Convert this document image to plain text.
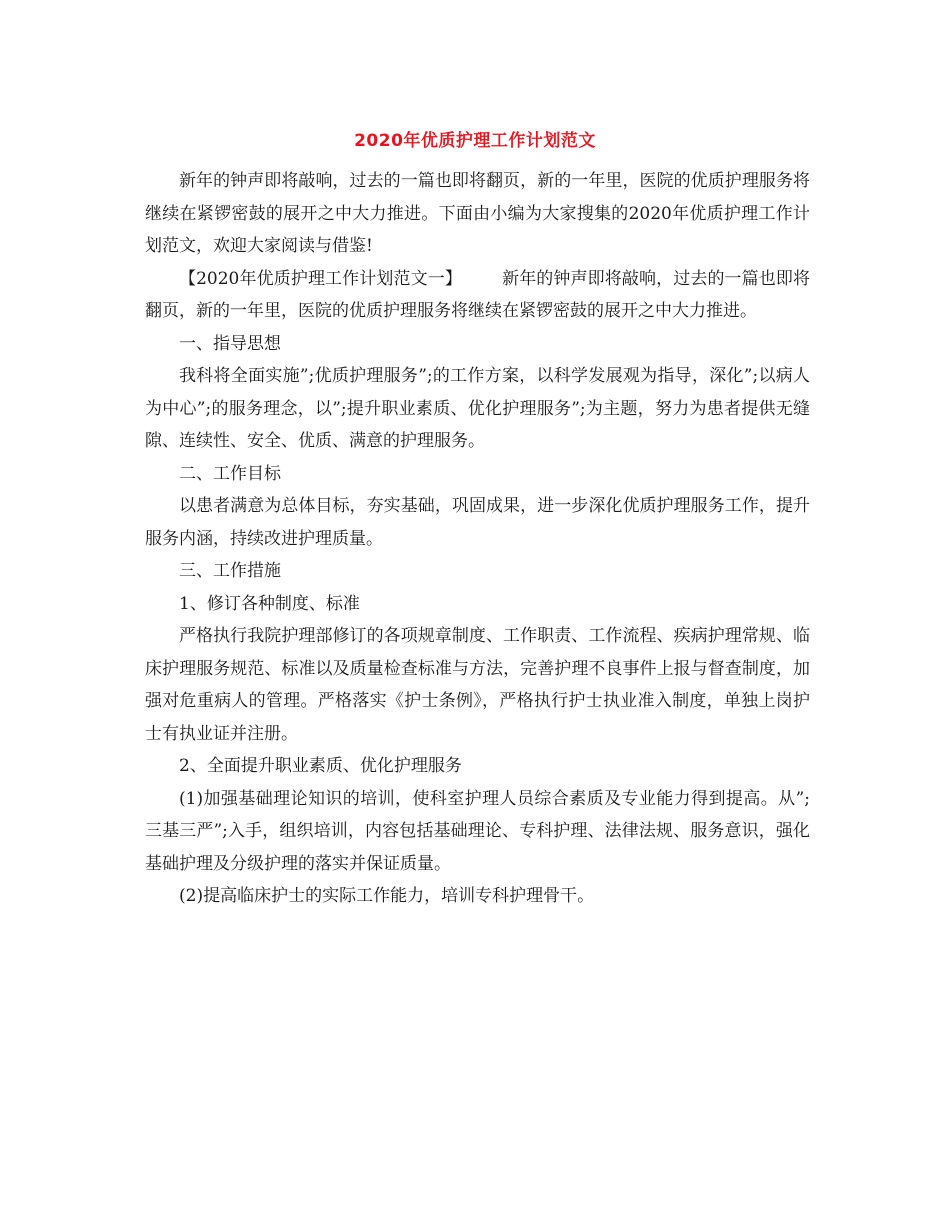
2020年优质护理工作计划范文

新年的钟声即将敲响，过去的一篇也即将翻页，新的一年里，医院的优质护理服务将继续在紧锣密鼓的展开之中大力推进。下面由小编为大家搜集的2020年优质护理工作计划范文，欢迎大家阅读与借鉴!

【2020年优质护理工作计划范文一】 新年的钟声即将敲响，过去的一篇也即将翻页，新的一年里，医院的优质护理服务将继续在紧锣密鼓的展开之中大力推进。

一、指导思想

我科将全面实施”;优质护理服务”;的工作方案，以科学发展观为指导，深化”;以病人为中心”;的服务理念，以”;提升职业素质、优化护理服务”;为主题，努力为患者提供无缝隙、连续性、安全、优质、满意的护理服务。

二、工作目标

以患者满意为总体目标，夯实基础，巩固成果，进一步深化优质护理服务工作，提升服务内涵，持续改进护理质量。

三、工作措施

1、修订各种制度、标准

严格执行我院护理部修订的各项规章制度、工作职责、工作流程、疾病护理常规、临床护理服务规范、标准以及质量检查标准与方法，完善护理不良事件上报与督查制度，加强对危重病人的管理。严格落实《护士条例》，严格执行护士执业准入制度，单独上岗护士有执业证并注册。

2、全面提升职业素质、优化护理服务

(1)加强基础理论知识的培训，使科室护理人员综合素质及专业能力得到提高。从”;三基三严”;入手，组织培训，内容包括基础理论、专科护理、法律法规、服务意识，强化基础护理及分级护理的落实并保证质量。

(2)提高临床护士的实际工作能力，培训专科护理骨干。
